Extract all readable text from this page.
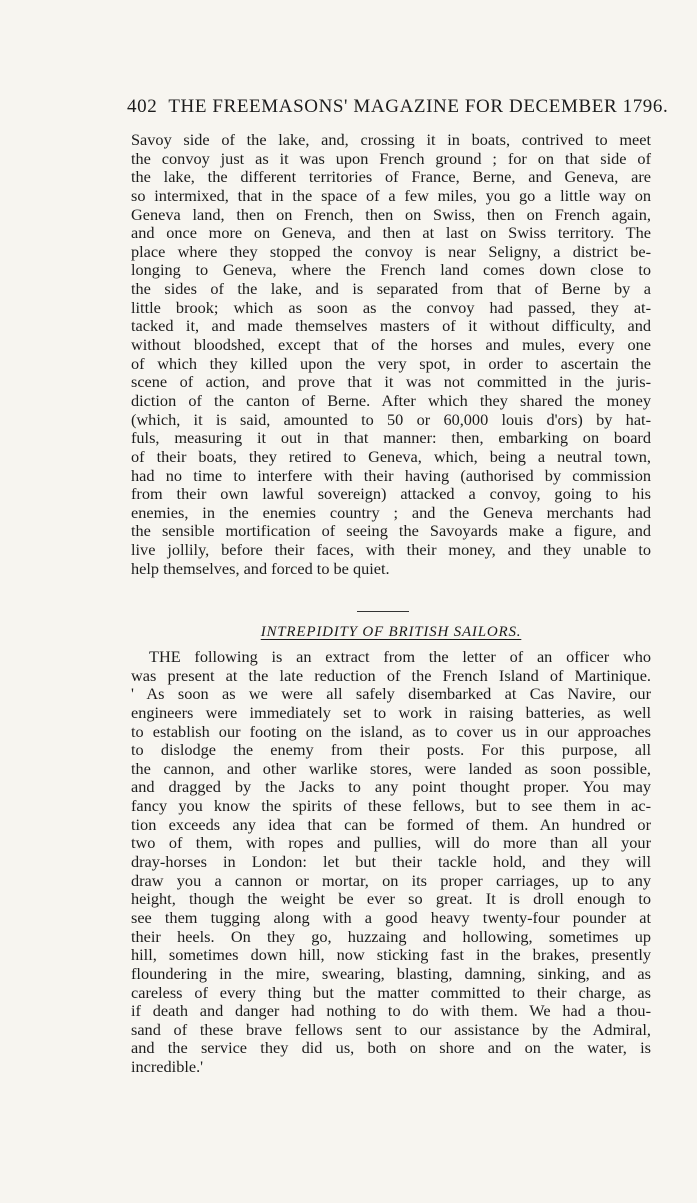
402 THE FREEMASONS' MAGAZINE FOR DECEMBER 1796.
Savoy side of the lake, and, crossing it in boats, contrived to meet
the convoy just as it was upon French ground ; for on that side of
the lake, the different territories of France, Berne, and Geneva, are
so intermixed, that in the space of a few miles, you go a little way on
Geneva land, then on French, then on Swiss, then on French again,
and once more on Geneva, and then at last on Swiss territory. The
place where they stopped the convoy is near Seligny, a district be-
longing to Geneva, where the French land comes down close to
the sides of the lake, and is separated from that of Berne by a
little brook; which as soon as the convoy had passed, they at-
tacked it, and made themselves masters of it without difficulty, and
without bloodshed, except that of the horses and mules, every one
of which they killed upon the very spot, in order to ascertain the
scene of action, and prove that it was not committed in the juris-
diction of the canton of Berne. After which they shared the money
(which, it is said, amounted to 50 or 60,000 louis d'ors) by hat-
fuls, measuring it out in that manner: then, embarking on board
of their boats, they retired to Geneva, which, being a neutral town,
had no time to interfere with their having (authorised by commission
from their own lawful sovereign) attacked a convoy, going to his
enemies, in the enemies country ; and the Geneva merchants had
the sensible mortification of seeing the Savoyards make a figure, and
live jollily, before their faces, with their money, and they unable to
help themselves, and forced to be quiet.
INTREPIDITY OF BRITISH SAILORS.
THE following is an extract from the letter of an officer who
was present at the late reduction of the French Island of Martinique.
' As soon as we were all safely disembarked at Cas Navire, our
engineers were immediately set to work in raising batteries, as well
to establish our footing on the island, as to cover us in our approaches
to dislodge the enemy from their posts. For this purpose, all
the cannon, and other warlike stores, were landed as soon possible,
and dragged by the Jacks to any point thought proper. You may
fancy you know the spirits of these fellows, but to see them in ac-
tion exceeds any idea that can be formed of them. An hundred or
two of them, with ropes and pullies, will do more than all your
dray-horses in London: let but their tackle hold, and they will
draw you a cannon or mortar, on its proper carriages, up to any
height, though the weight be ever so great. It is droll enough to
see them tugging along with a good heavy twenty-four pounder at
their heels. On they go, huzzaing and hollowing, sometimes up
hill, sometimes down hill, now sticking fast in the brakes, presently
floundering in the mire, swearing, blasting, damning, sinking, and as
careless of every thing but the matter committed to their charge, as
if death and danger had nothing to do with them. We had a thou-
sand of these brave fellows sent to our assistance by the Admiral,
and the service they did us, both on shore and on the water, is
incredible.'
